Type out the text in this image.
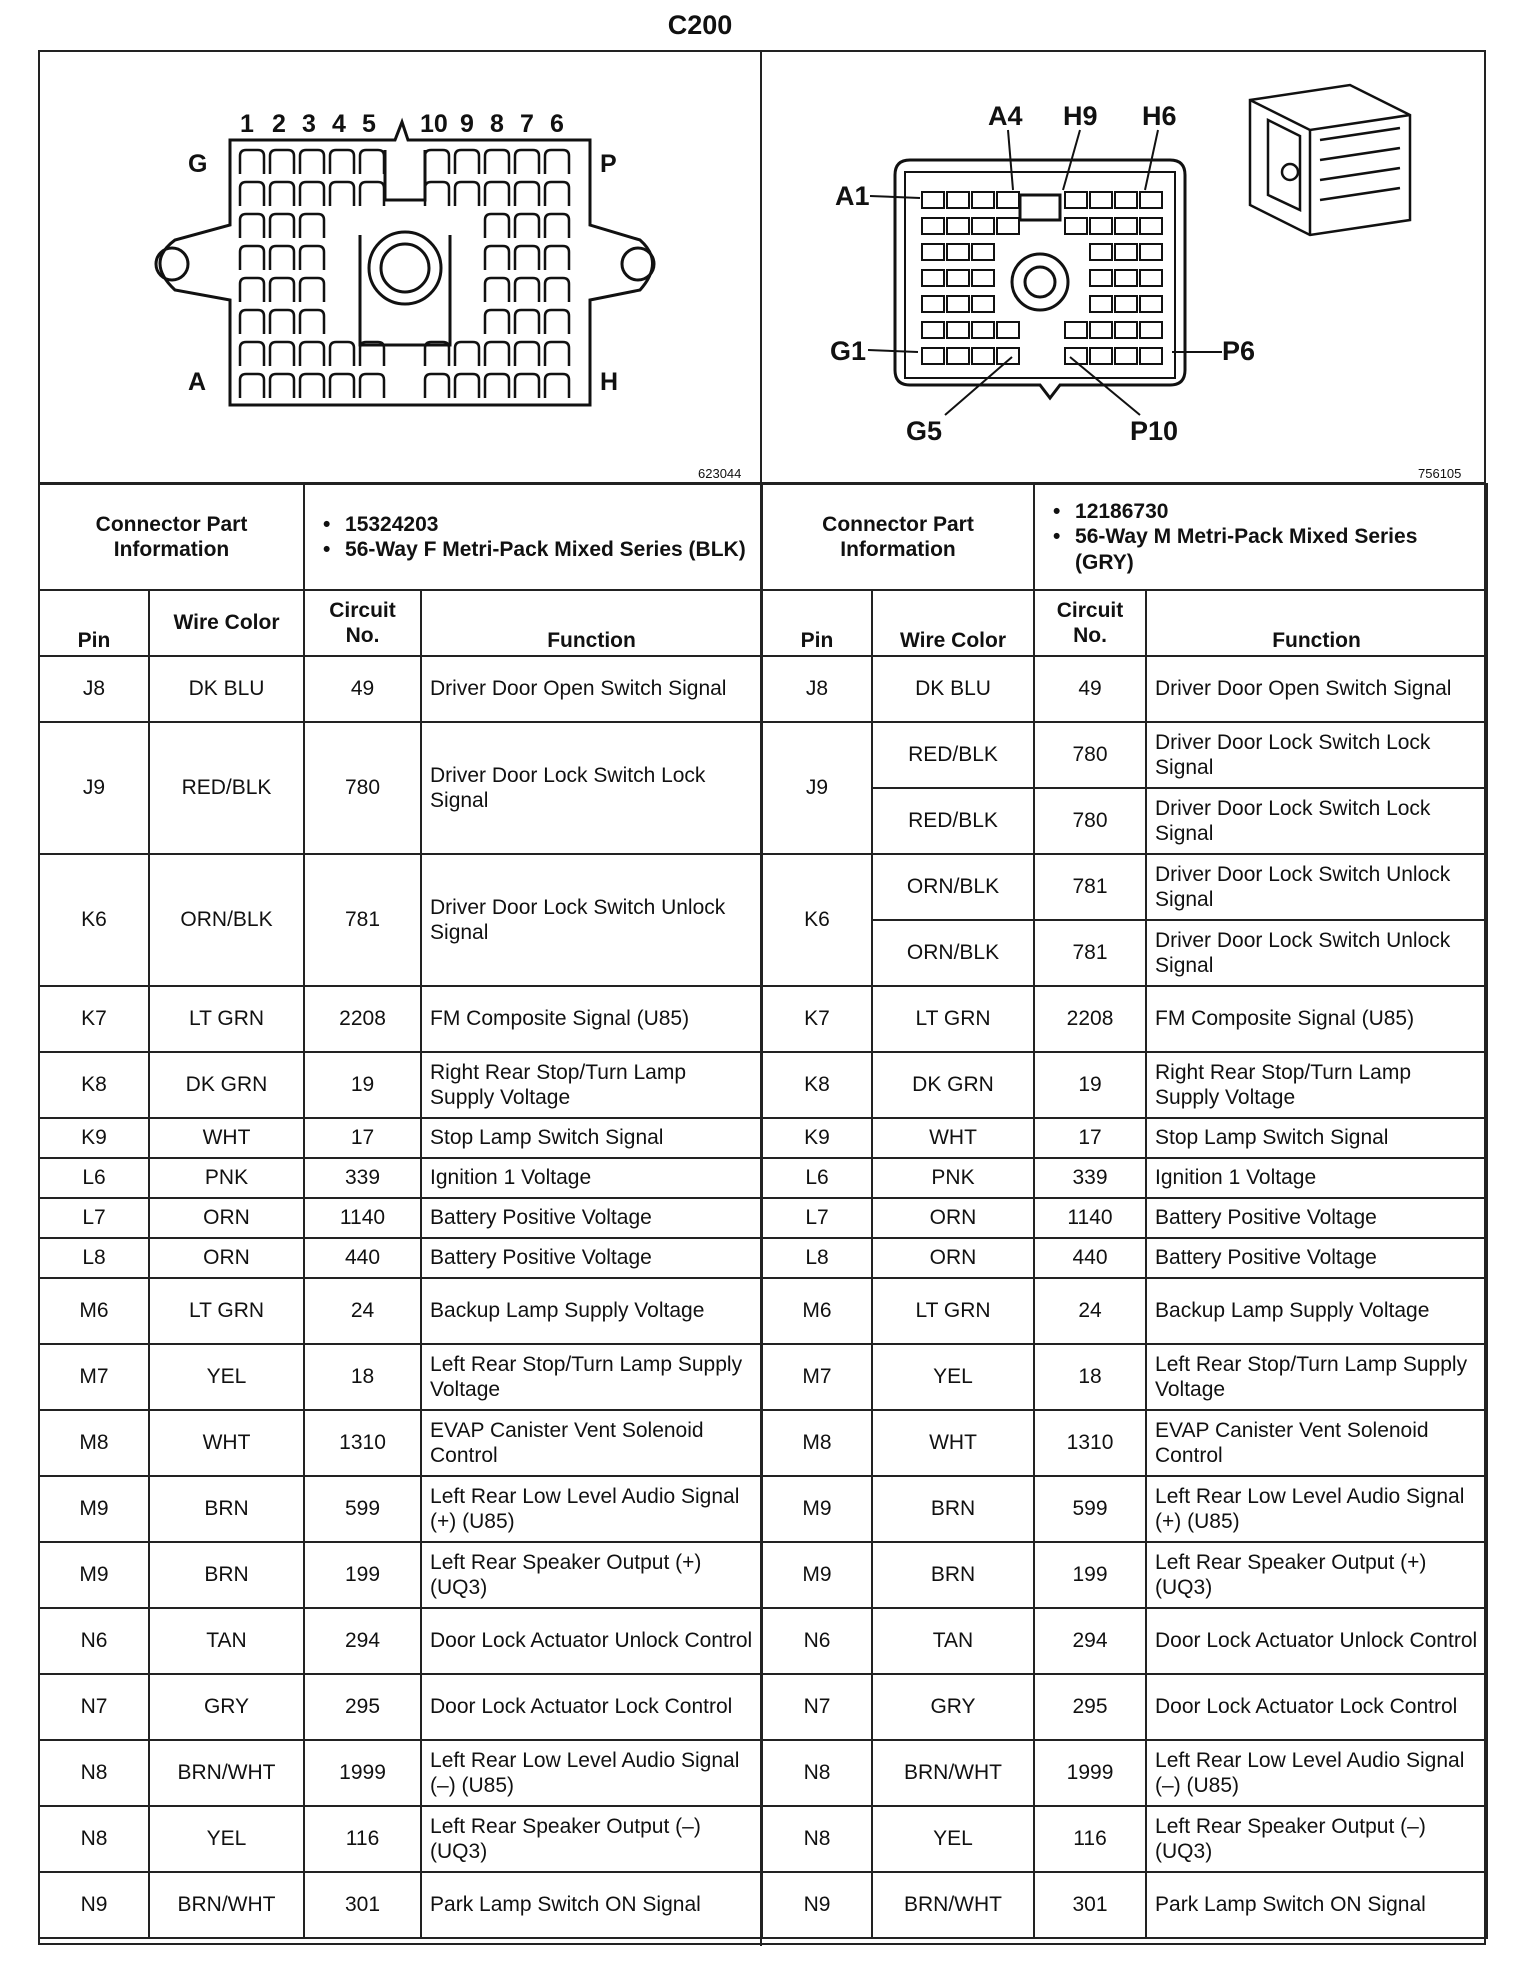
C200
1 2 3 4 5 10 9 8 7 6
G	P
A	H
A4 H9 H6
A1
G1	P6
G5	P10
623044	756105
Connector Part Information		• 15324203
• 56-Way F Metri-Pack Mixed Series (BLK)	

Pin	Wire Color	Circuit No.	Function
J8	DK BLU	49	Driver Door Open Switch Signal
J9	RED/BLK	780	Driver Door Lock Switch Lock Signal
K6	ORN/BLK	781	Driver Door Lock Switch Unlock Signal
K7	LT GRN	2208	FM Composite Signal (U85)
K8	DK GRN	19	Right Rear Stop/Turn Lamp Supply Voltage
K9	WHT	17	Stop Lamp Switch Signal
L6	PNK	339	Ignition 1 Voltage
L7	ORN	1140	Battery Positive Voltage
L8	ORN	440	Battery Positive Voltage
M6	LT GRN	24	Backup Lamp Supply Voltage
M7	YEL	18	Left Rear Stop/Turn Lamp Supply Voltage
M8	WHT	1310	EVAP Canister Vent Solenoid Control
M9	BRN	599	Left Rear Low Level Audio Signal (+) (U85)
M9	BRN	199	Left Rear Speaker Output (+) (UQ3)
N6	TAN	294	Door Lock Actuator Unlock Control
N7	GRY	295	Door Lock Actuator Lock Control
N8	BRN/WHT	1999	Left Rear Low Level Audio Signal (–) (U85)
N8	YEL	116	Left Rear Speaker Output (–) (UQ3)
N9	BRN/WHT	301	Park Lamp Switch ON Signal
Connector Part Information		• 12186730
• 56-Way M Metri-Pack Mixed Series (GRY)	

Pin	Wire Color	Circuit No.	Function
J8	DK BLU	49	Driver Door Open Switch Signal
J9	RED/BLK	780	Driver Door Lock Switch Lock Signal
	RED/BLK	780	Driver Door Lock Switch Lock Signal
K6	ORN/BLK	781	Driver Door Lock Switch Unlock Signal
	ORN/BLK	781	Driver Door Lock Switch Unlock Signal
K7	LT GRN	2208	FM Composite Signal (U85)
K8	DK GRN	19	Right Rear Stop/Turn Lamp Supply Voltage
K9	WHT	17	Stop Lamp Switch Signal
L6	PNK	339	Ignition 1 Voltage
L7	ORN	1140	Battery Positive Voltage
L8	ORN	440	Battery Positive Voltage
M6	LT GRN	24	Backup Lamp Supply Voltage
M7	YEL	18	Left Rear Stop/Turn Lamp Supply Voltage
M8	WHT	1310	EVAP Canister Vent Solenoid Control
M9	BRN	599	Left Rear Low Level Audio Signal (+) (U85)
M9	BRN	199	Left Rear Speaker Output (+) (UQ3)
N6	TAN	294	Door Lock Actuator Unlock Control
N7	GRY	295	Door Lock Actuator Lock Control
N8	BRN/WHT	1999	Left Rear Low Level Audio Signal (–) (U85)
N8	YEL	116	Left Rear Speaker Output (–) (UQ3)
N9	BRN/WHT	301	Park Lamp Switch ON Signal
